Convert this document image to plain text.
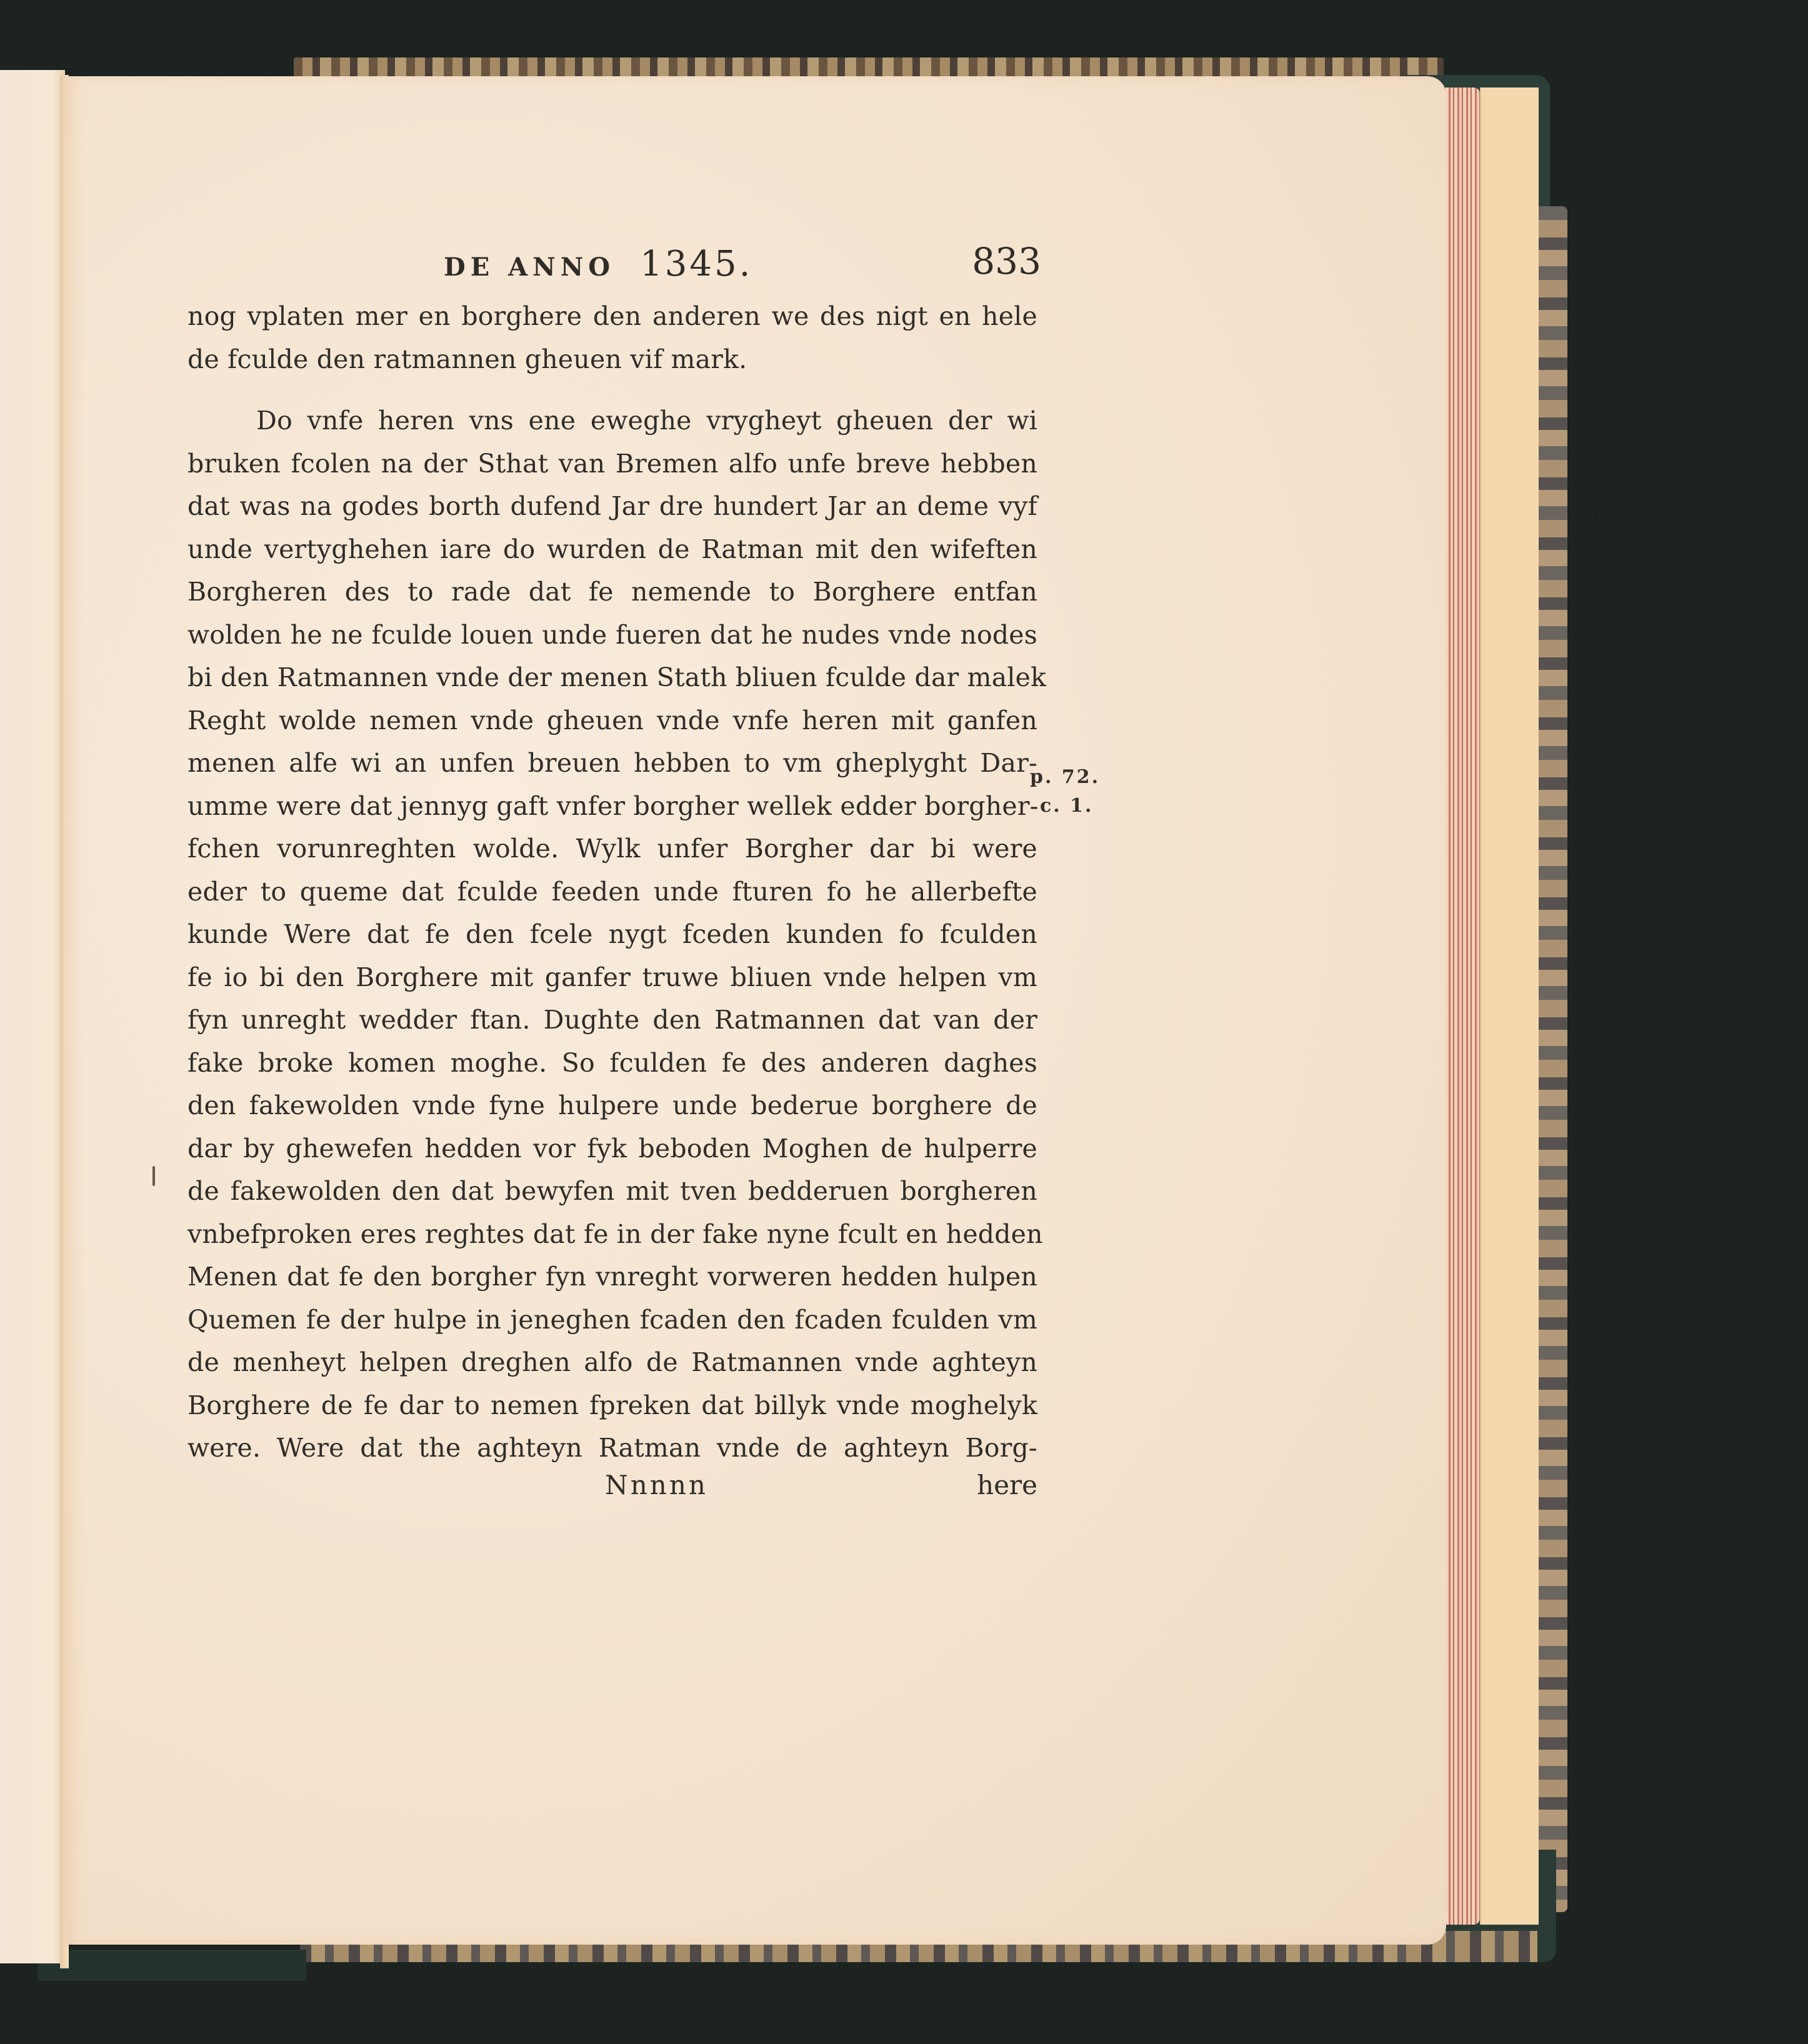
DE ANNO 1345.	833
nog vplaten mer en borghere den anderen we des nigt en hele
de fculde den ratmannen gheuen vif mark.
Do vnfe heren vns ene eweghe vrygheyt gheuen der wi
bruken fcolen na der Sthat van Bremen alfo unfe breve hebben
dat was na godes borth dufend Jar dre hundert Jar an deme vyf
unde vertyghehen iare do wurden de Ratman mit den wifeften
Borgheren des to rade dat fe nemende to Borghere entfan
wolden he ne fculde louen unde fueren dat he nudes vnde nodes
bi den Ratmannen vnde der menen Stath bliuen fculde dar malek
Reght wolde nemen vnde gheuen vnde vnfe heren mit ganfen
menen alfe wi an unfen breuen hebben to vm gheplyght Dar-
umme were dat jennyg gaft vnfer borgher wellek edder borgher-
fchen vorunreghten wolde. Wylk unfer Borgher dar bi were
eder to queme dat fculde feeden unde fturen fo he allerbefte
kunde Were dat fe den fcele nygt fceden kunden fo fculden
fe io bi den Borghere mit ganfer truwe bliuen vnde helpen vm
fyn unreght wedder ftan. Dughte den Ratmannen dat van der
fake broke komen moghe. So fculden fe des anderen daghes
den fakewolden vnde fyne hulpere unde bederue borghere de
dar by ghewefen hedden vor fyk beboden Moghen de hulperre
de fakewolden den dat bewyfen mit tven bedderuen borgheren
vnbefproken eres reghtes dat fe in der fake nyne fcult en hedden
Menen dat fe den borgher fyn vnreght vorweren hedden hulpen
Quemen fe der hulpe in jeneghen fcaden den fcaden fculden vm
de menheyt helpen dreghen alfo de Ratmannen vnde aghteyn
Borghere de fe dar to nemen fpreken dat billyk vnde moghelyk
were. Were dat the aghteyn Ratman vnde de aghteyn Borg-
Nnnnn	here
p. 72.
c. 1.
